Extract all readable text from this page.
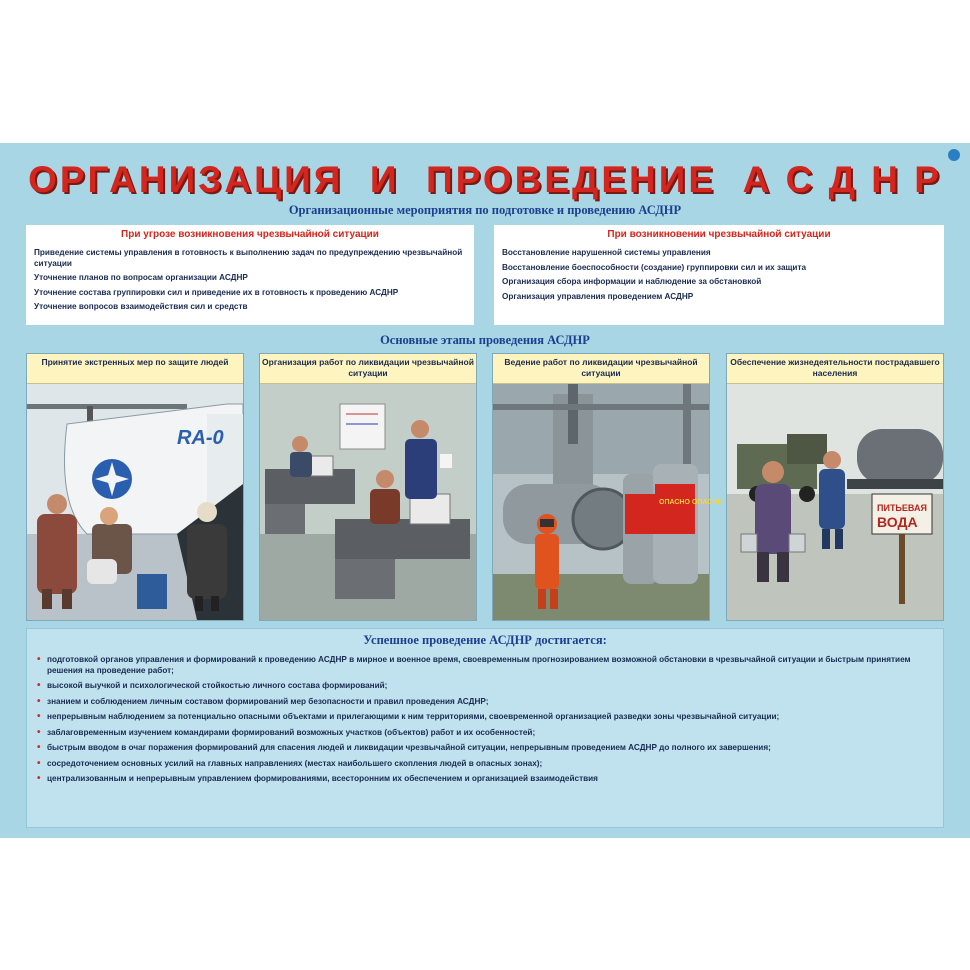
ОРГАНИЗАЦИЯ  И  ПРОВЕДЕНИЕ  А С Д Н Р
Организационные мероприятия по подготовке и проведению АСДНР
При угрозе возникновения чрезвычайной ситуации
Приведение системы управления в готовность к выполнению задач по предупреждению чрезвычайной ситуации
Уточнение планов по вопросам организации АСДНР
Уточнение состава группировки сил и приведение их в готовность к проведению АСДНР
Уточнение вопросов взаимодействия сил и средств
При возникновении чрезвычайной ситуации
Восстановление нарушенной системы управления
Восстановление боеспособности (создание) группировки сил и их защита
Организация сбора информации и наблюдение за обстановкой
Организация управления проведением АСДНР
Основные этапы проведения АСДНР
Принятие экстренных мер по защите людей
RA-0
Организация работ по ликвидации чрезвычайной ситуации
Ведение работ по ликвидации чрезвычайной ситуации
ОПАСНО ОПАСНО
Обеспечение жизнедеятельности пострадавшего населения
ПИТЬЕВАЯ
ВОДА
Успешное проведение АСДНР достигается:
• подготовкой органов управления и формирований к проведению АСДНР в мирное и военное время, своевременным прогнозированием возможной обстановки в чрезвычайной ситуации и быстрым принятием решения на проведение работ;
• высокой выучкой и психологической стойкостью личного состава формирований;
• знанием и соблюдением личным составом формирований мер безопасности и правил проведения АСДНР;
• непрерывным наблюдением за потенциально опасными объектами и прилегающими к ним территориями, своевременной организацией разведки зоны чрезвычайной ситуации;
• заблаговременным изучением командирами формирований возможных участков (объектов) работ и их особенностей;
• быстрым вводом в очаг поражения формирований для спасения людей и ликвидации чрезвычайной ситуации, непрерывным проведением АСДНР до полного их завершения;
• сосредоточением основных усилий на главных направлениях (местах наибольшего скопления людей в опасных зонах);
• централизованным и непрерывным управлением формированиями, всесторонним их обеспечением и организацией взаимодействия
